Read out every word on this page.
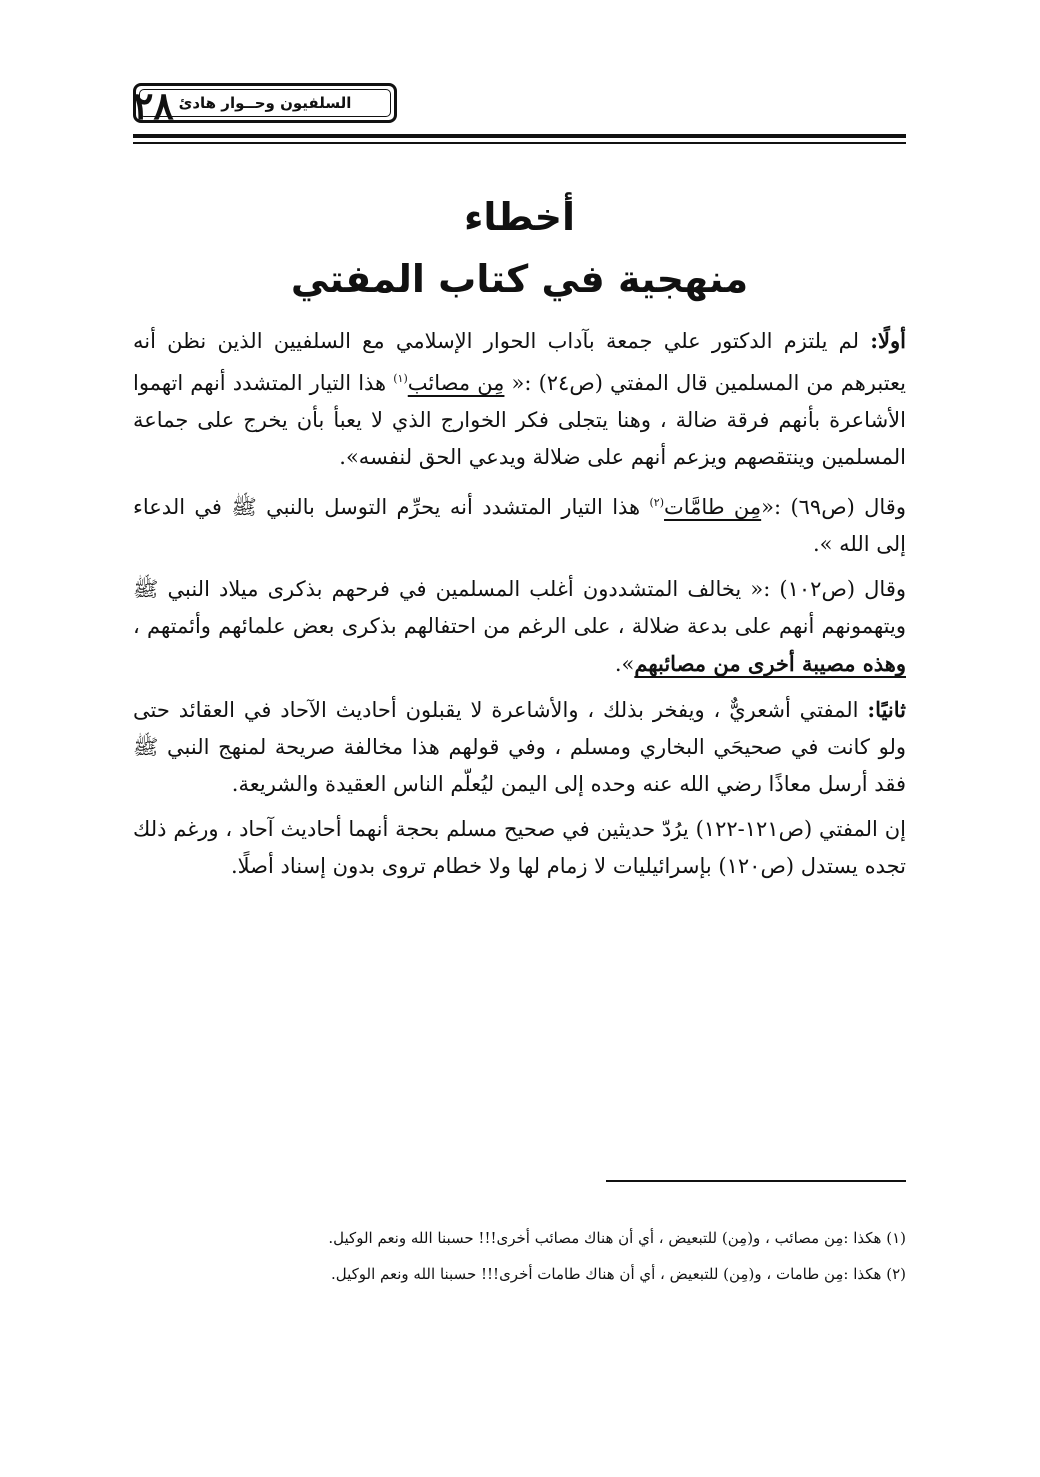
٢٨ السلفيون وحــوار هادئ
أخطاء
منهجية في كتاب المفتي

أولًا: لم يلتزم الدكتور علي جمعة بآداب الحوار الإسلامي مع السلفيين الذين نظن أنه يعتبرهم من المسلمين قال المفتي (ص٢٤) :« مِن مصائب$^{(١)}$ هذا التيار المتشدد أنهم اتهموا الأشاعرة بأنهم فرقة ضالة ، وهنا يتجلى فكر الخوارج الذي لا يعبأ بأن يخرج على جماعة المسلمين وينتقصهم ويزعم أنهم على ضلالة ويدعي الحق لنفسه».

وقال (ص٦٩) :«مِن طامَّات$^{(٢)}$ هذا التيار المتشدد أنه يحرِّم التوسل بالنبي ﷺ في الدعاء إلى الله ».

وقال (ص١٠٢) :« يخالف المتشددون أغلب المسلمين في فرحهم بذكرى ميلاد النبي ﷺ ويتهمونهم أنهم على بدعة ضلالة ، على الرغم من احتفالهم بذكرى بعض علمائهم وأئمتهم ، وهذه مصيبة أخرى من مصائبهم».

ثانيًا: المفتي أشعريٌّ ، ويفخر بذلك ، والأشاعرة لا يقبلون أحاديث الآحاد في العقائد حتى ولو كانت في صحيحَي البخاري ومسلم ، وفي قولهم هذا مخالفة صريحة لمنهج النبي ﷺ فقد أرسل معاذًا رضي الله عنه وحده إلى اليمن ليُعلّم الناس العقيدة والشريعة.

إن المفتي (ص١٢١-١٢٢) يرُدّ حديثين في صحيح مسلم بحجة أنهما أحاديث آحاد ، ورغم ذلك تجده يستدل (ص١٢٠) بإسرائيليات لا زمام لها ولا خطام تروى بدون إسناد أصلًا.

(١) هكذا :مِن مصائب ، و(مِن) للتبعيض ، أي أن هناك مصائب أخرى!!! حسبنا الله ونعم الوكيل.
(٢) هكذا :مِن طامات ، و(مِن) للتبعيض ، أي أن هناك طامات أخرى!!! حسبنا الله ونعم الوكيل.
